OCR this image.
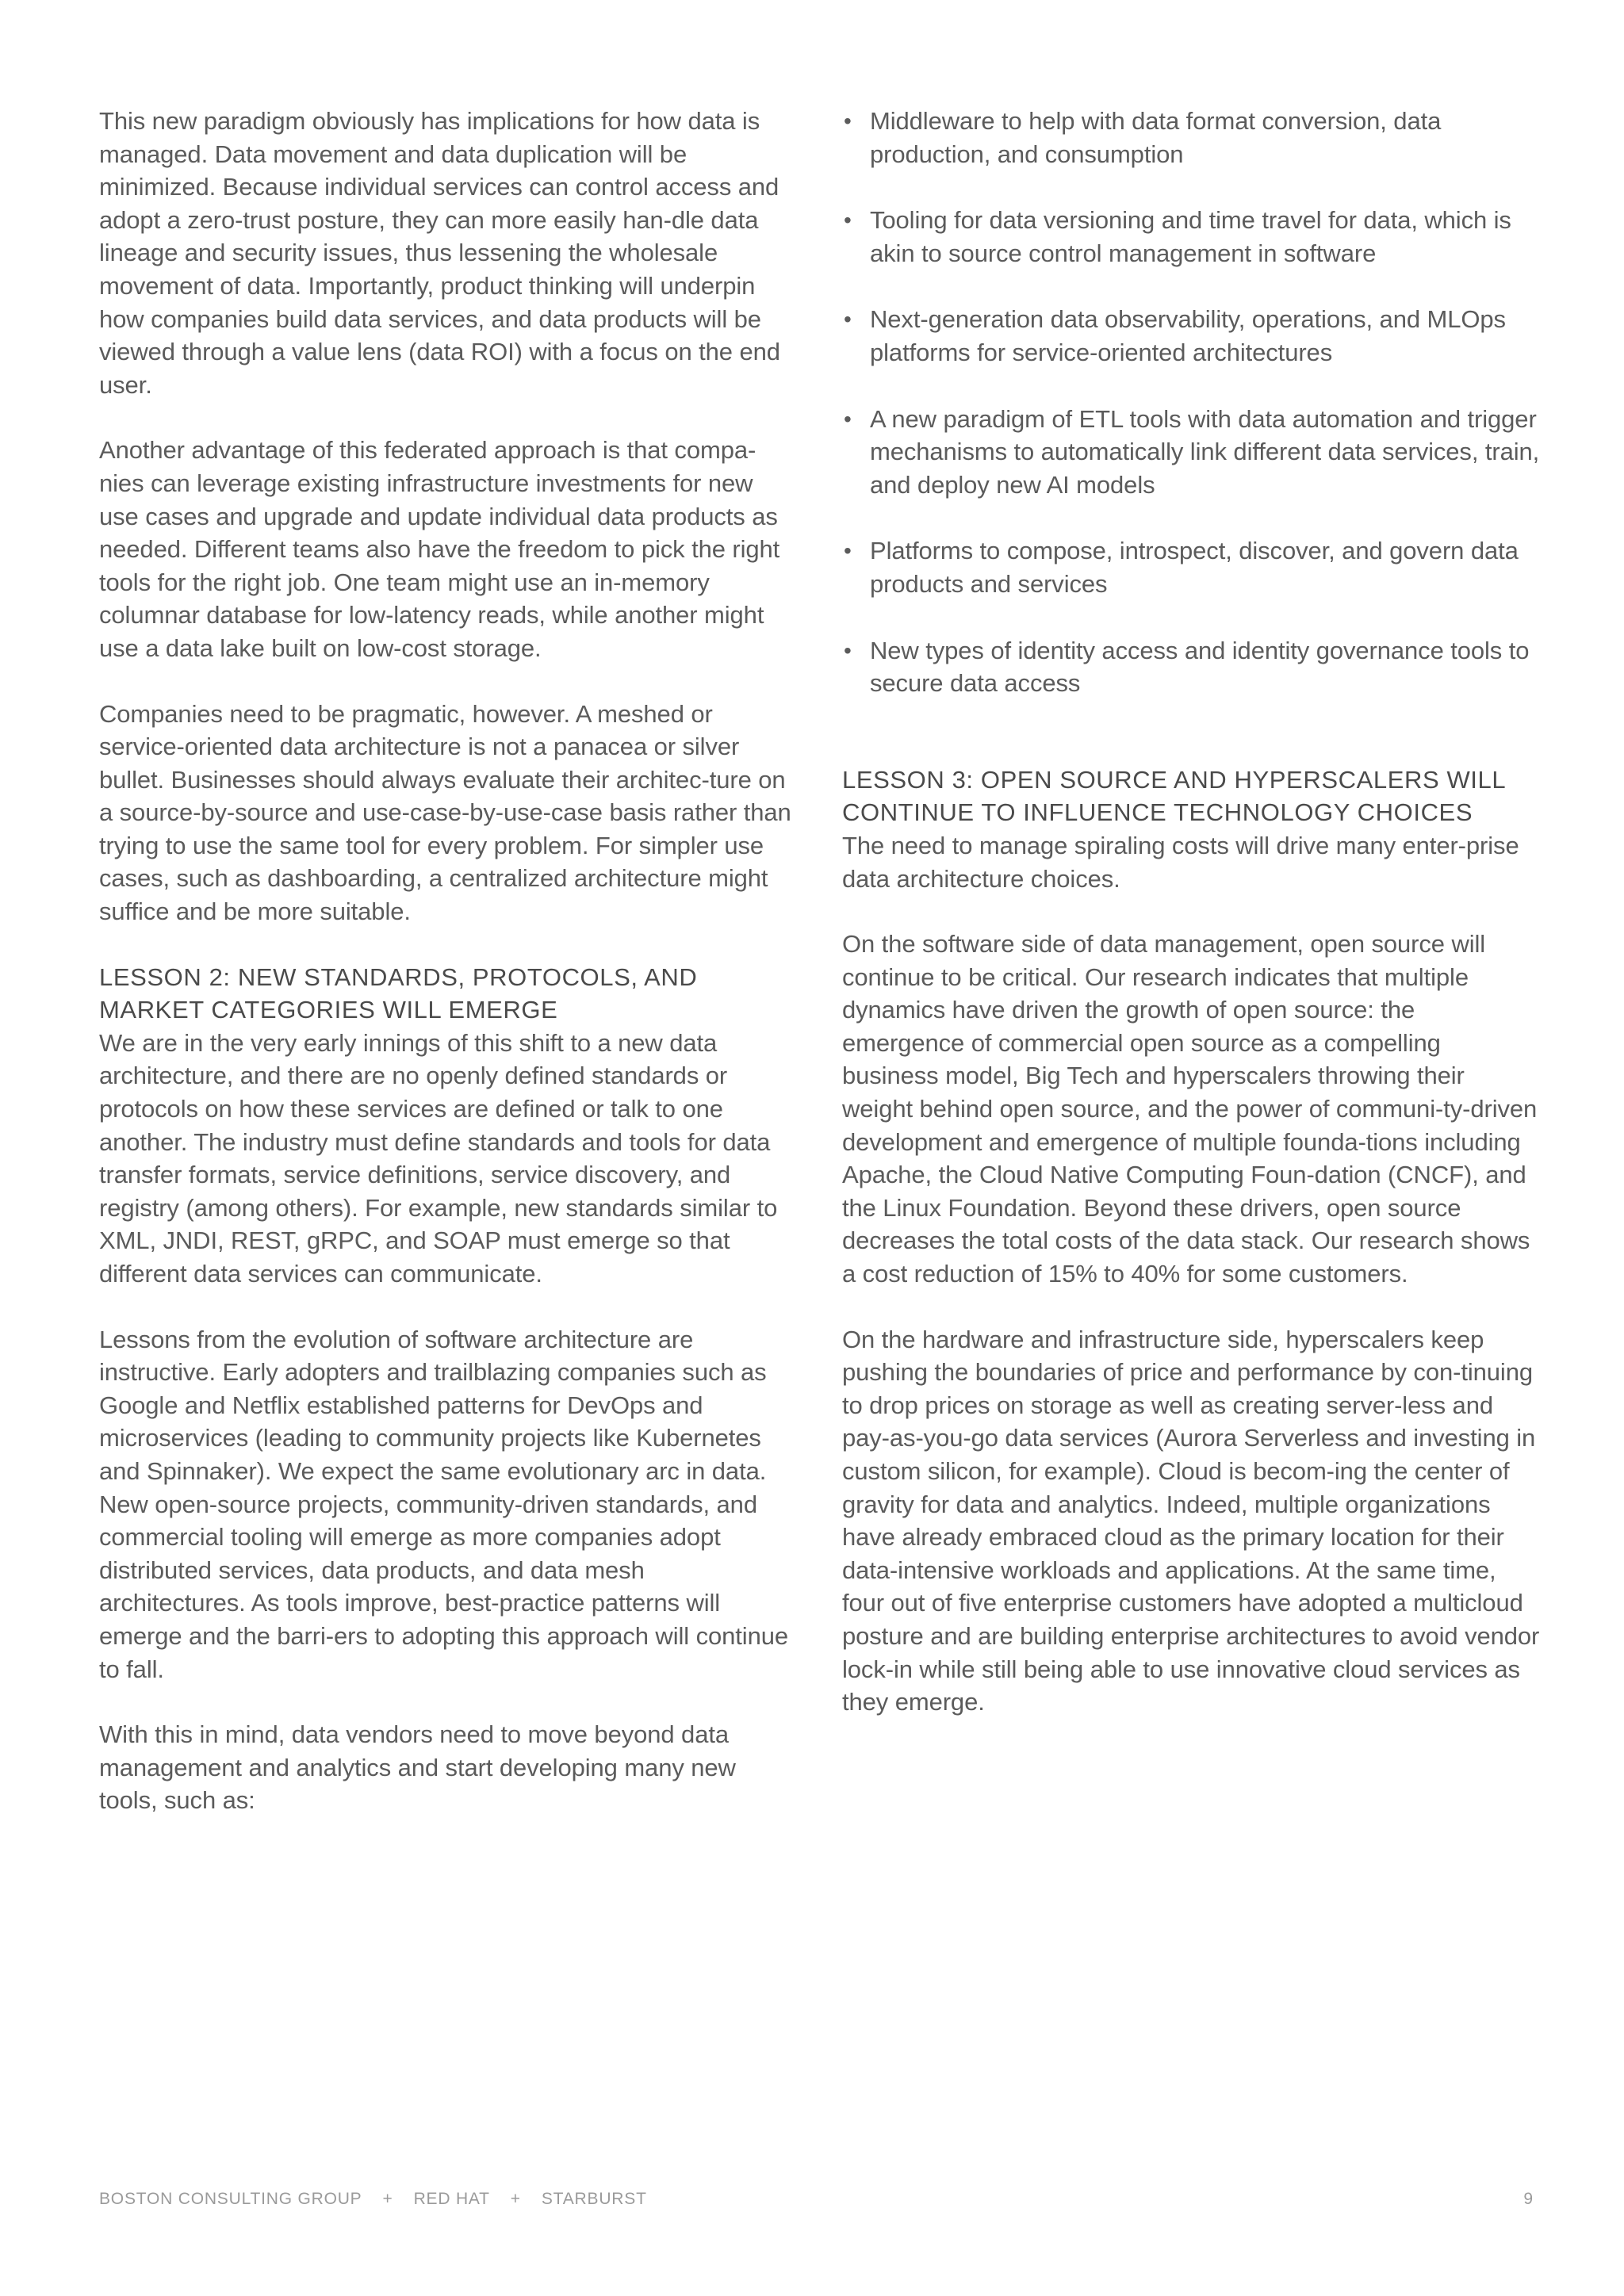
This new paradigm obviously has implications for how data is managed. Data movement and data duplication will be minimized. Because individual services can control access and adopt a zero-trust posture, they can more easily han-dle data lineage and security issues, thus lessening the wholesale movement of data. Importantly, product thinking will underpin how companies build data services, and data products will be viewed through a value lens (data ROI) with a focus on the end user.

Another advantage of this federated approach is that compa-nies can leverage existing infrastructure investments for new use cases and upgrade and update individual data products as needed. Different teams also have the freedom to pick the right tools for the right job. One team might use an in-memory columnar database for low-latency reads, while another might use a data lake built on low-cost storage.

Companies need to be pragmatic, however. A meshed or service-oriented data architecture is not a panacea or silver bullet. Businesses should always evaluate their architec-ture on a source-by-source and use-case-by-use-case basis rather than trying to use the same tool for every problem. For simpler use cases, such as dashboarding, a centralized architecture might suffice and be more suitable.

LESSON 2: NEW STANDARDS, PROTOCOLS, AND MARKET CATEGORIES WILL EMERGE

We are in the very early innings of this shift to a new data architecture, and there are no openly defined standards or protocols on how these services are defined or talk to one another. The industry must define standards and tools for data transfer formats, service definitions, service discovery, and registry (among others). For example, new standards similar to XML, JNDI, REST, gRPC, and SOAP must emerge so that different data services can communicate.

Lessons from the evolution of software architecture are instructive. Early adopters and trailblazing companies such as Google and Netflix established patterns for DevOps and microservices (leading to community projects like Kubernetes and Spinnaker). We expect the same evolutionary arc in data. New open-source projects, community-driven standards, and commercial tooling will emerge as more companies adopt distributed services, data products, and data mesh architectures. As tools improve, best-practice patterns will emerge and the barri-ers to adopting this approach will continue to fall.

With this in mind, data vendors need to move beyond data management and analytics and start developing many new tools, such as:

• Middleware to help with data format conversion, data production, and consumption
• Tooling for data versioning and time travel for data, which is akin to source control management in software
• Next-generation data observability, operations, and MLOps platforms for service-oriented architectures
• A new paradigm of ETL tools with data automation and trigger mechanisms to automatically link different data services, train, and deploy new AI models
• Platforms to compose, introspect, discover, and govern data products and services
• New types of identity access and identity governance tools to secure data access
LESSON 3: OPEN SOURCE AND HYPERSCALERS WILL CONTINUE TO INFLUENCE TECHNOLOGY CHOICES

The need to manage spiraling costs will drive many enter-prise data architecture choices.

On the software side of data management, open source will continue to be critical. Our research indicates that multiple dynamics have driven the growth of open source: the emergence of commercial open source as a compelling business model, Big Tech and hyperscalers throwing their weight behind open source, and the power of communi-ty-driven development and emergence of multiple founda-tions including Apache, the Cloud Native Computing Foun-dation (CNCF), and the Linux Foundation. Beyond these drivers, open source decreases the total costs of the data stack. Our research shows a cost reduction of 15% to 40% for some customers.

On the hardware and infrastructure side, hyperscalers keep pushing the boundaries of price and performance by con-tinuing to drop prices on storage as well as creating server-less and pay-as-you-go data services (Aurora Serverless and investing in custom silicon, for example). Cloud is becom-ing the center of gravity for data and analytics. Indeed, multiple organizations have already embraced cloud as the primary location for their data-intensive workloads and applications. At the same time, four out of five enterprise customers have adopted a multicloud posture and are building enterprise architectures to avoid vendor lock-in while still being able to use innovative cloud services as they emerge.

BOSTON CONSULTING GROUP + RED HAT + STARBURST	9
